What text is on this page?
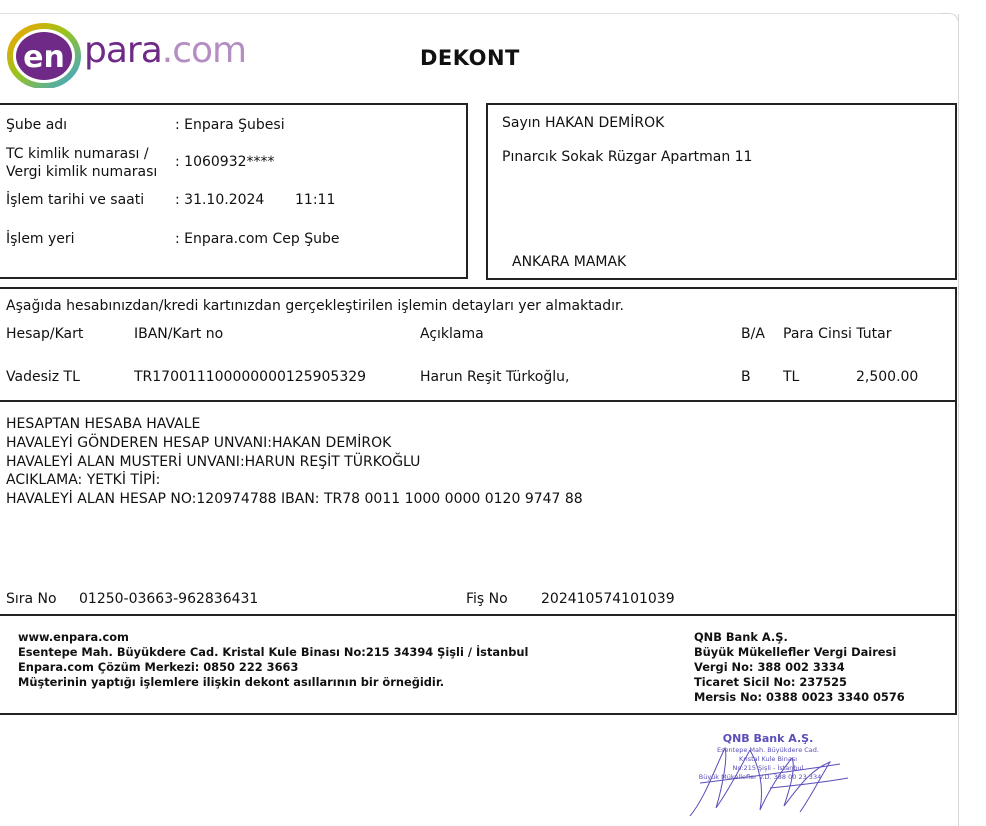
en para.com	DEKONT
Şube adı	: Enpara Şubesi
TC kimlik numarası /
Vergi kimlik numarası
: 1060932****
İşlem tarihi ve saati : 31.10.2024 11:11
İşlem yeri	: Enpara.com Cep Şube
Sayın HAKAN DEMİROK
Pınarcık Sokak Rüzgar Apartman 11
ANKARA MAMAK
Aşağıda hesabınızdan/kredi kartınızdan gerçekleştirilen işlemin detayları yer almaktadır.
Hesap/Kart	IBAN/Kart no	Açıklama	B/A Para Cinsi Tutar
Vadesiz TL	TR170011100000000125905329	Harun Reşit Türkoğlu,	B TL	2,500.00
HESAPTAN HESABA HAVALE
HAVALEYİ GÖNDEREN HESAP UNVANI:HAKAN DEMİROK
HAVALEYİ ALAN MUSTERİ UNVANI:HARUN REŞİT TÜRKOĞLU
ACIKLAMA: YETKİ TİPİ:
HAVALEYİ ALAN HESAP NO:120974788 IBAN: TR78 0011 1000 0000 0120 9747 88
Sıra No 01250-03663-962836431	Fiş No 202410574101039
www.enpara.com
Esentepe Mah. Büyükdere Cad. Kristal Kule Binası No:215 34394 Şişli / İstanbul
Enpara.com Çözüm Merkezi: 0850 222 3663
Müşterinin yaptığı işlemlere ilişkin dekont asıllarının bir örneğidir.
QNB Bank A.Ş.
Büyük Mükellefler Vergi Dairesi
Vergi No: 388 002 3334
Ticaret Sicil No: 237525
Mersis No: 0388 0023 3340 0576
QNB Bank A.Ş.
Esentepe Mah. Büyükdere Cad.
Kristal Kule Binası
No:215 Şişli - İstanbul
Büyük Mükellefler V.D. 388 00 23 334
